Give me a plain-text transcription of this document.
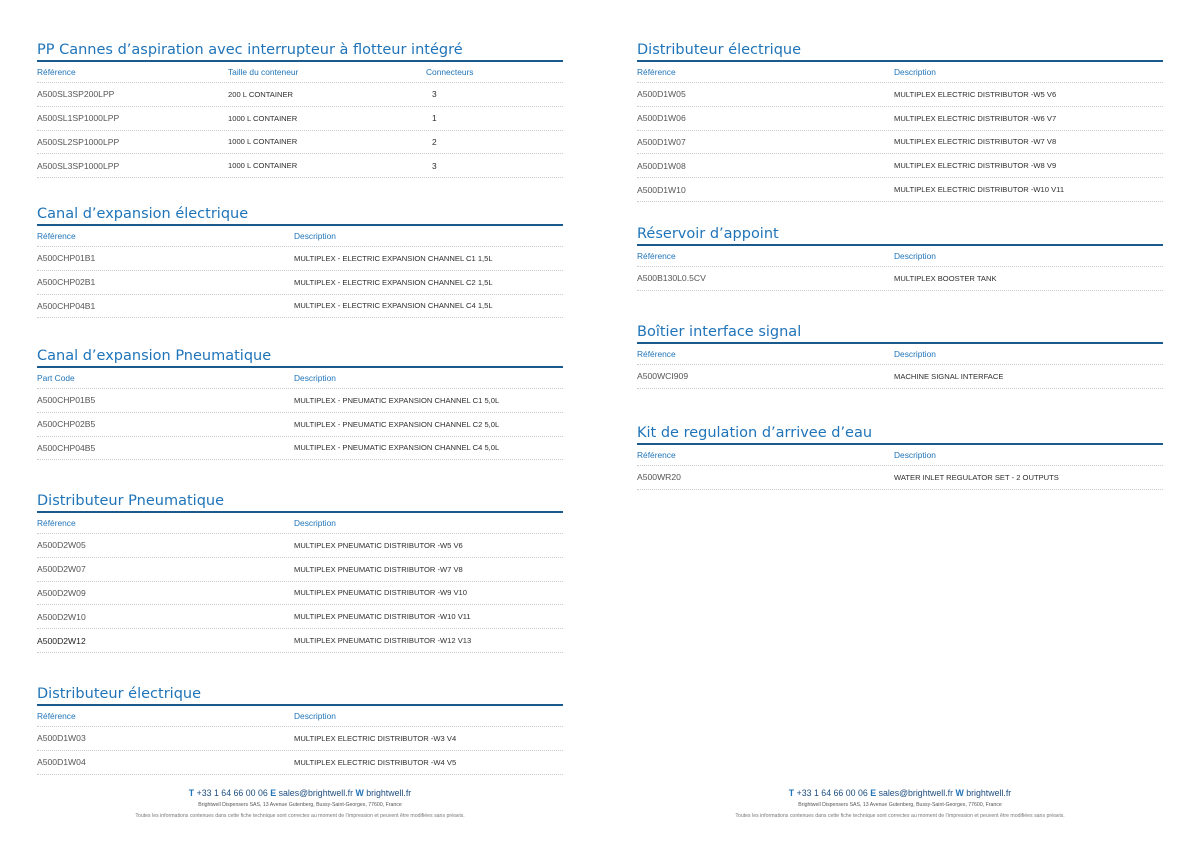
PP Cannes d’aspiration avec interrupteur à flotteur intégré
Référence	Taille du conteneur	Connecteurs
A500SL3SP200LPP	200 L CONTAINER	3
A500SL1SP1000LPP	1000 L CONTAINER	1
A500SL2SP1000LPP	1000 L CONTAINER	2
A500SL3SP1000LPP	1000 L CONTAINER	3
Canal d’expansion électrique
Référence	Description
A500CHP01B1	MULTIPLEX - ELECTRIC EXPANSION CHANNEL C1 1,5L
A500CHP02B1	MULTIPLEX - ELECTRIC EXPANSION CHANNEL C2 1,5L
A500CHP04B1	MULTIPLEX - ELECTRIC EXPANSION CHANNEL C4 1,5L
Canal d’expansion Pneumatique
Part Code	Description
A500CHP01B5	MULTIPLEX - PNEUMATIC EXPANSION CHANNEL C1 5,0L
A500CHP02B5	MULTIPLEX - PNEUMATIC EXPANSION CHANNEL C2 5,0L
A500CHP04B5	MULTIPLEX - PNEUMATIC EXPANSION CHANNEL C4 5,0L
Distributeur Pneumatique
Référence	Description
A500D2W05	MULTIPLEX PNEUMATIC DISTRIBUTOR -W5 V6
A500D2W07	MULTIPLEX PNEUMATIC DISTRIBUTOR -W7 V8
A500D2W09	MULTIPLEX PNEUMATIC DISTRIBUTOR -W9 V10
A500D2W10	MULTIPLEX PNEUMATIC DISTRIBUTOR -W10 V11
A500D2W12	MULTIPLEX PNEUMATIC DISTRIBUTOR -W12 V13
Distributeur électrique
Référence	Description
A500D1W03	MULTIPLEX ELECTRIC DISTRIBUTOR -W3 V4
A500D1W04	MULTIPLEX ELECTRIC DISTRIBUTOR -W4 V5
Distributeur électrique
Référence	Description
A500D1W05	MULTIPLEX ELECTRIC DISTRIBUTOR -W5 V6
A500D1W06	MULTIPLEX ELECTRIC DISTRIBUTOR -W6 V7
A500D1W07	MULTIPLEX ELECTRIC DISTRIBUTOR -W7 V8
A500D1W08	MULTIPLEX ELECTRIC DISTRIBUTOR -W8 V9
A500D1W10	MULTIPLEX ELECTRIC DISTRIBUTOR -W10 V11
Réservoir d’appoint
Référence	Description
A500B130L0.5CV	MULTIPLEX BOOSTER TANK
Boîtier interface signal
Référence	Description
A500WCI909	MACHINE SIGNAL INTERFACE
Kit de regulation d’arrivee d’eau
Référence	Description
A500WR20	WATER INLET REGULATOR SET - 2 OUTPUTS
T +33 1 64 66 00 06 E sales@brightwell.fr W brightwell.fr
Brightwell Dispensers SAS, 13 Avenue Gutenberg, Bussy-Saint-Georges, 77600, France
Toutes les informations contenues dans cette fiche technique sont correctes au moment de l’impression et peuvent être modifiées sans préavis.
T +33 1 64 66 00 06 E sales@brightwell.fr W brightwell.fr
Brightwell Dispensers SAS, 13 Avenue Gutenberg, Bussy-Saint-Georges, 77600, France
Toutes les informations contenues dans cette fiche technique sont correctes au moment de l’impression et peuvent être modifiées sans préavis.
